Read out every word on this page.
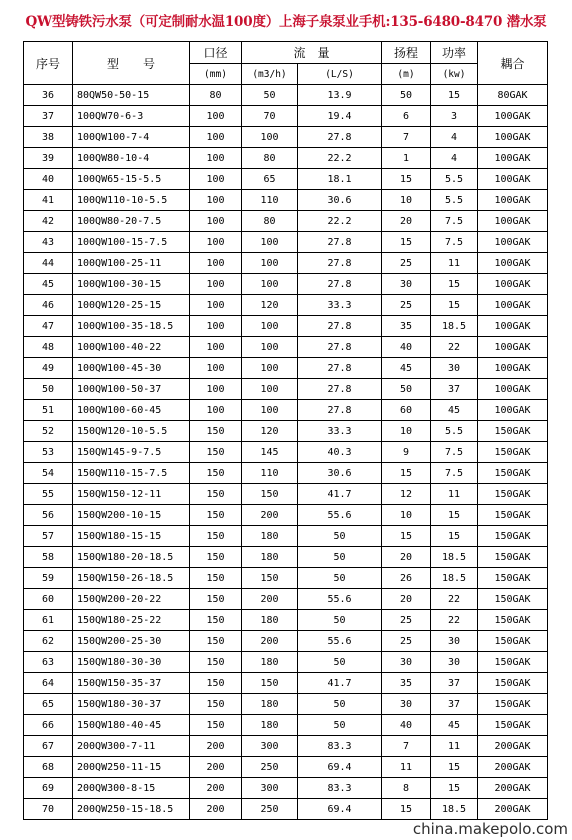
QW型铸铁污水泵（可定制耐水温100度）上海子泉泵业手机:135-6480-8470 潜水泵
序号	型　　号	口径	流　量		扬程	功率	耦合
		(mm)	(m3/h)	(L/S)	(m)	(kw)	
36	80QW50-50-15	80	50	13.9	50	15	80GAK
37	100QW70-6-3	100	70	19.4	6	3	100GAK
38	100QW100-7-4	100	100	27.8	7	4	100GAK
39	100QW80-10-4	100	80	22.2	1	4	100GAK
40	100QW65-15-5.5	100	65	18.1	15	5.5	100GAK
41	100QW110-10-5.5	100	110	30.6	10	5.5	100GAK
42	100QW80-20-7.5	100	80	22.2	20	7.5	100GAK
43	100QW100-15-7.5	100	100	27.8	15	7.5	100GAK
44	100QW100-25-11	100	100	27.8	25	11	100GAK
45	100QW100-30-15	100	100	27.8	30	15	100GAK
46	100QW120-25-15	100	120	33.3	25	15	100GAK
47	100QW100-35-18.5	100	100	27.8	35	18.5	100GAK
48	100QW100-40-22	100	100	27.8	40	22	100GAK
49	100QW100-45-30	100	100	27.8	45	30	100GAK
50	100QW100-50-37	100	100	27.8	50	37	100GAK
51	100QW100-60-45	100	100	27.8	60	45	100GAK
52	150QW120-10-5.5	150	120	33.3	10	5.5	150GAK
53	150QW145-9-7.5	150	145	40.3	9	7.5	150GAK
54	150QW110-15-7.5	150	110	30.6	15	7.5	150GAK
55	150QW150-12-11	150	150	41.7	12	11	150GAK
56	150QW200-10-15	150	200	55.6	10	15	150GAK
57	150QW180-15-15	150	180	50	15	15	150GAK
58	150QW180-20-18.5	150	180	50	20	18.5	150GAK
59	150QW150-26-18.5	150	150	50	26	18.5	150GAK
60	150QW200-20-22	150	200	55.6	20	22	150GAK
61	150QW180-25-22	150	180	50	25	22	150GAK
62	150QW200-25-30	150	200	55.6	25	30	150GAK
63	150QW180-30-30	150	180	50	30	30	150GAK
64	150QW150-35-37	150	150	41.7	35	37	150GAK
65	150QW180-30-37	150	180	50	30	37	150GAK
66	150QW180-40-45	150	180	50	40	45	150GAK
67	200QW300-7-11	200	300	83.3	7	11	200GAK
68	200QW250-11-15	200	250	69.4	11	15	200GAK
69	200QW300-8-15	200	300	83.3	8	15	200GAK
70	200QW250-15-18.5	200	250	69.4	15	18.5	200GAK
china.makepolo.com
